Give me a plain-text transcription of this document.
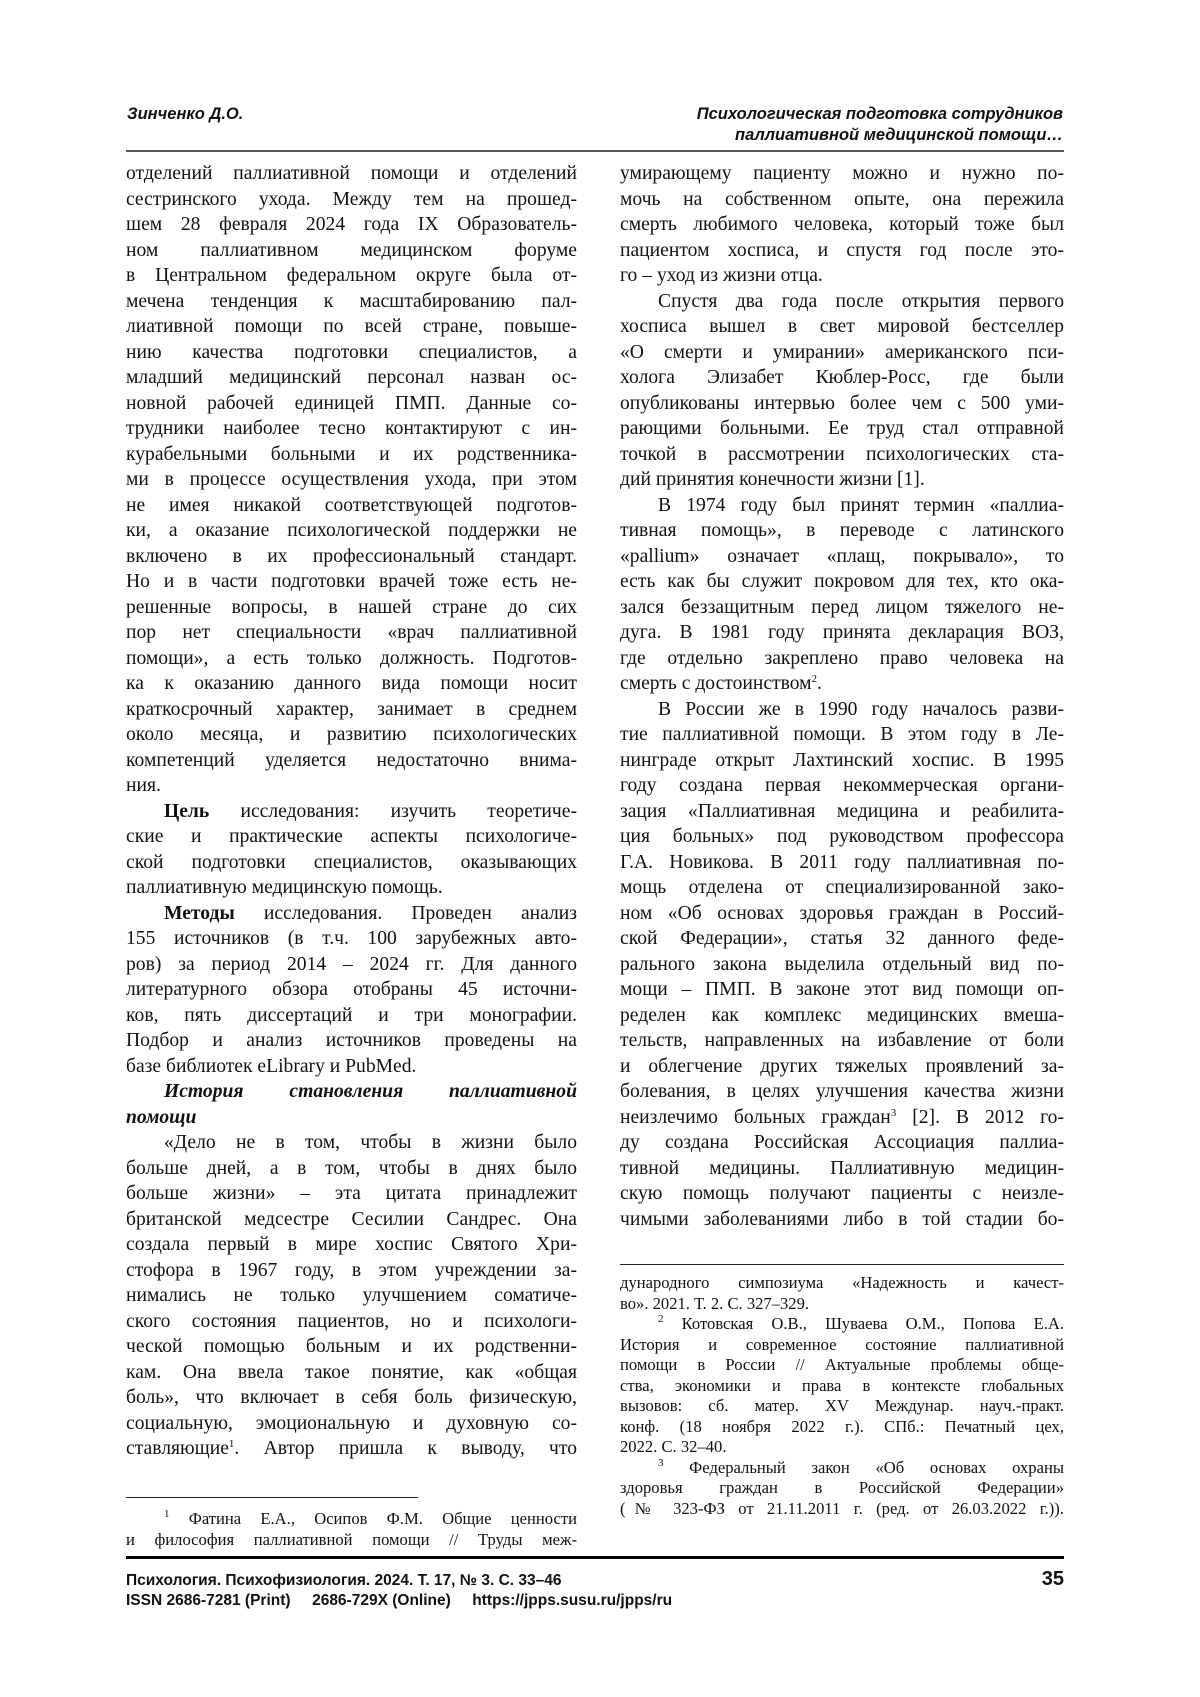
Зинченко Д.О.	Психологическая подготовка сотрудников
паллиативной медицинской помощи…
отделений паллиативной помощи и отделений
сестринского ухода. Между тем на прошед-
шем 28 февраля 2024 года IX Образователь-
ном паллиативном медицинском форуме
в Центральном федеральном округе была от-
мечена тенденция к масштабированию пал-
лиативной помощи по всей стране, повыше-
нию качества подготовки специалистов, а
младший медицинский персонал назван ос-
новной рабочей единицей ПМП. Данные со-
трудники наиболее тесно контактируют с ин-
курабельными больными и их родственника-
ми в процессе осуществления ухода, при этом
не имея никакой соответствующей подготов-
ки, а оказание психологической поддержки не
включено в их профессиональный стандарт.
Но и в части подготовки врачей тоже есть не-
решенные вопросы, в нашей стране до сих
пор нет специальности «врач паллиативной
помощи», а есть только должность. Подготов-
ка к оказанию данного вида помощи носит
краткосрочный характер, занимает в среднем
около месяца, и развитию психологических
компетенций уделяется недостаточно внима-
ния.
Цель исследования: изучить теоретиче-
ские и практические аспекты психологиче-
ской подготовки специалистов, оказывающих
паллиативную медицинскую помощь.
Методы исследования. Проведен анализ
155 источников (в т.ч. 100 зарубежных авто-
ров) за период 2014 – 2024 гг. Для данного
литературного обзора отобраны 45 источни-
ков, пять диссертаций и три монографии.
Подбор и анализ источников проведены на
базе библиотек eLibrary и PubMed.
История становления паллиативной
помощи
«Дело не в том, чтобы в жизни было
больше дней, а в том, чтобы в днях было
больше жизни» – эта цитата принадлежит
британской медсестре Сесилии Сандрес. Она
создала первый в мире хоспис Святого Хри-
стофора в 1967 году, в этом учреждении за-
нимались не только улучшением соматиче-
ского состояния пациентов, но и психологи-
ческой помощью больным и их родственни-
кам. Она ввела такое понятие, как «общая
боль», что включает в себя боль физическую,
социальную, эмоциональную и духовную со-
ставляющие1. Автор пришла к выводу, что
умирающему пациенту можно и нужно по-
мочь на собственном опыте, она пережила
смерть любимого человека, который тоже был
пациентом хосписа, и спустя год после это-
го – уход из жизни отца.
Спустя два года после открытия первого
хосписа вышел в свет мировой бестселлер
«О смерти и умирании» американского пси-
холога Элизабет Кюблер-Росс, где были
опубликованы интервью более чем с 500 уми-
рающими больными. Ее труд стал отправной
точкой в рассмотрении психологических ста-
дий принятия конечности жизни [1].
В 1974 году был принят термин «паллиа-
тивная помощь», в переводе с латинского
«pallium» означает «плащ, покрывало», то
есть как бы служит покровом для тех, кто ока-
зался беззащитным перед лицом тяжелого не-
дуга. В 1981 году принята декларация ВОЗ,
где отдельно закреплено право человека на
смерть с достоинством2.
В России же в 1990 году началось разви-
тие паллиативной помощи. В этом году в Ле-
нинграде открыт Лахтинский хоспис. В 1995
году создана первая некоммерческая органи-
зация «Паллиативная медицина и реабилита-
ция больных» под руководством профессора
Г.А. Новикова. В 2011 году паллиативная по-
мощь отделена от специализированной зако-
ном «Об основах здоровья граждан в Россий-
ской Федерации», статья 32 данного феде-
рального закона выделила отдельный вид по-
мощи – ПМП. В законе этот вид помощи оп-
ределен как комплекс медицинских вмеша-
тельств, направленных на избавление от боли
и облегчение других тяжелых проявлений за-
болевания, в целях улучшения качества жизни
неизлечимо больных граждан3 [2]. В 2012 го-
ду создана Российская Ассоциация паллиа-
тивной медицины. Паллиативную медицин-
скую помощь получают пациенты с неизле-
чимыми заболеваниями либо в той стадии бо-
1 Фатина Е.А., Осипов Ф.М. Общие ценности
и философия паллиативной помощи // Труды меж-
дународного симпозиума «Надежность и качест-
во». 2021. Т. 2. С. 327–329.
2 Котовская О.В., Шуваева О.М., Попова Е.А.
История и современное состояние паллиативной
помощи в России // Актуальные проблемы обще-
ства, экономики и права в контексте глобальных
вызовов: сб. матер. XV Междунар. науч.-практ.
конф. (18 ноября 2022 г.). СПб.: Печатный цех,
2022. С. 32–40.
3 Федеральный закон «Об основах охраны
здоровья граждан в Российской Федерации»
(№ 323-ФЗ от 21.11.2011 г. (ред. от 26.03.2022 г.)).
Психология. Психофизиология. 2024. Т. 17, № 3. С. 33–46
ISSN 2686-7281 (Print)     2686-729X (Online)     https://jpps.susu.ru/jpps/ru
35
